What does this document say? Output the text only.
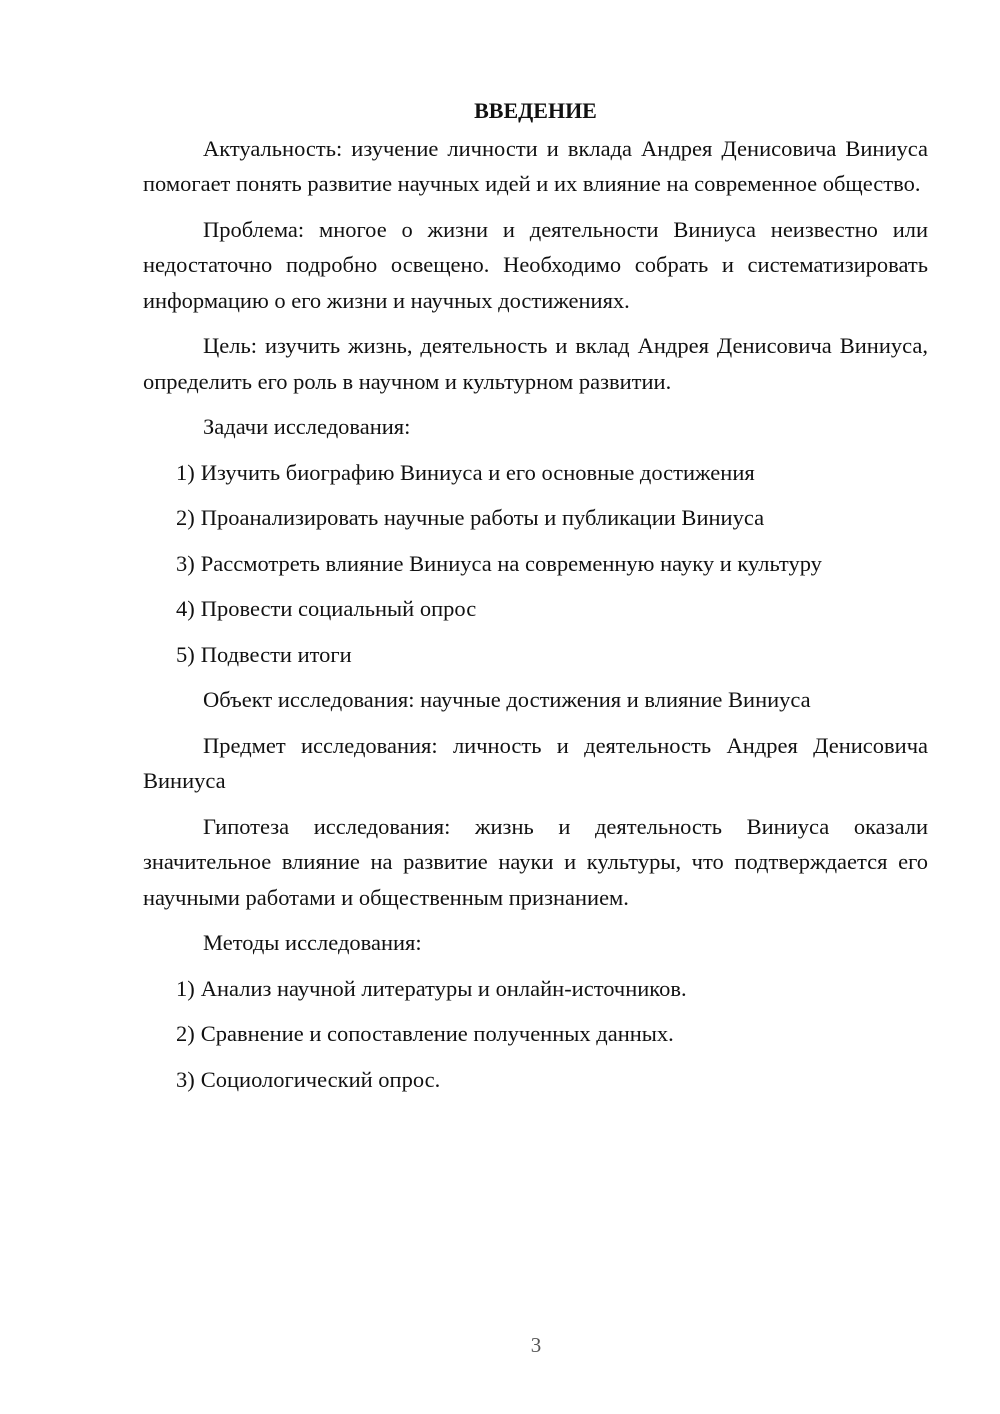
ВВЕДЕНИЕ

Актуальность: изучение личности и вклада Андрея Денисовича Виниуса помогает понять развитие научных идей и их влияние на современное общество.

Проблема: многое о жизни и деятельности Виниуса неизвестно или недостаточно подробно освещено. Необходимо собрать и систематизировать информацию о его жизни и научных достижениях.

Цель: изучить жизнь, деятельность и вклад Андрея Денисовича Виниуса, определить его роль в научном и культурном развитии.

Задачи исследования:

1) Изучить биографию Виниуса и его основные достижения
2) Проанализировать научные работы и публикации Виниуса
3) Рассмотреть влияние Виниуса на современную науку и культуру
4) Провести социальный опрос
5) Подвести итоги

Объект исследования: научные достижения и влияние Виниуса

Предмет исследования: личность и деятельность Андрея Денисовича Виниуса

Гипотеза исследования: жизнь и деятельность Виниуса оказали значительное влияние на развитие науки и культуры, что подтверждается его научными работами и общественным признанием.

Методы исследования:

1) Анализ научной литературы и онлайн-источников.
2) Сравнение и сопоставление полученных данных.
3) Социологический опрос.
3
